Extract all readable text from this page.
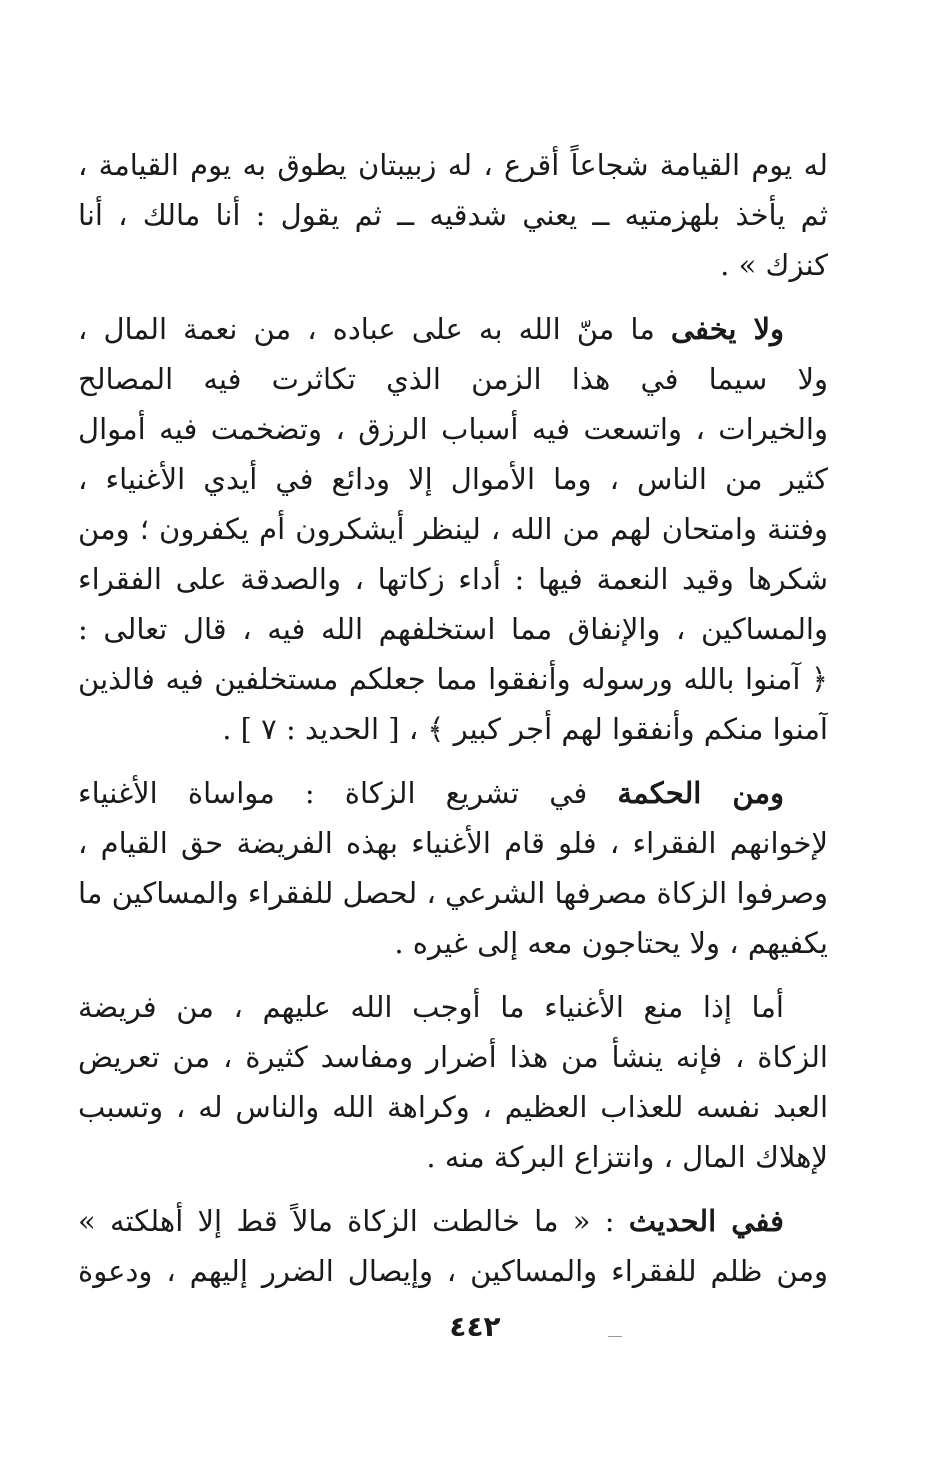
له يوم القيامة شجاعاً أقرع ، له زبيبتان يطوق به يوم القيامة ،
ثم يأخذ بلهزمتيه ــ يعني شدقيه ــ ثم يقول : أنا مالك ، أنا
كنزك » .
ولا يخفى ما منّ الله به على عباده ، من نعمة المال ،
ولا سيما في هذا الزمن الذي تكاثرت فيه المصالح
والخيرات ، واتسعت فيه أسباب الرزق ، وتضخمت فيه أموال
كثير من الناس ، وما الأموال إلا ودائع في أيدي الأغنياء ،
وفتنة وامتحان لهم من الله ، لينظر أيشكرون أم يكفرون ؛ ومن
شكرها وقيد النعمة فيها : أداء زكاتها ، والصدقة على الفقراء
والمساكين ، والإنفاق مما استخلفهم الله فيه ، قال تعالى :
﴿ آمنوا بالله ورسوله وأنفقوا مما جعلكم مستخلفين فيه فالذين
آمنوا منكم وأنفقوا لهم أجر كبير ﴾ ، [ الحديد : ٧ ] .
ومن الحكمة في تشريع الزكاة : مواساة الأغنياء
لإخوانهم الفقراء ، فلو قام الأغنياء بهذه الفريضة حق القيام ،
وصرفوا الزكاة مصرفها الشرعي ، لحصل للفقراء والمساكين ما
يكفيهم ، ولا يحتاجون معه إلى غيره .
أما إذا منع الأغنياء ما أوجب الله عليهم ، من فريضة
الزكاة ، فإنه ينشأ من هذا أضرار ومفاسد كثيرة ، من تعريض
العبد نفسه للعذاب العظيم ، وكراهة الله والناس له ، وتسبب
لإهلاك المال ، وانتزاع البركة منه .
ففي الحديث : « ما خالطت الزكاة مالاً قط إلا أهلكته »
ومن ظلم للفقراء والمساكين ، وإيصال الضرر إليهم ، ودعوة
٤٤٢
